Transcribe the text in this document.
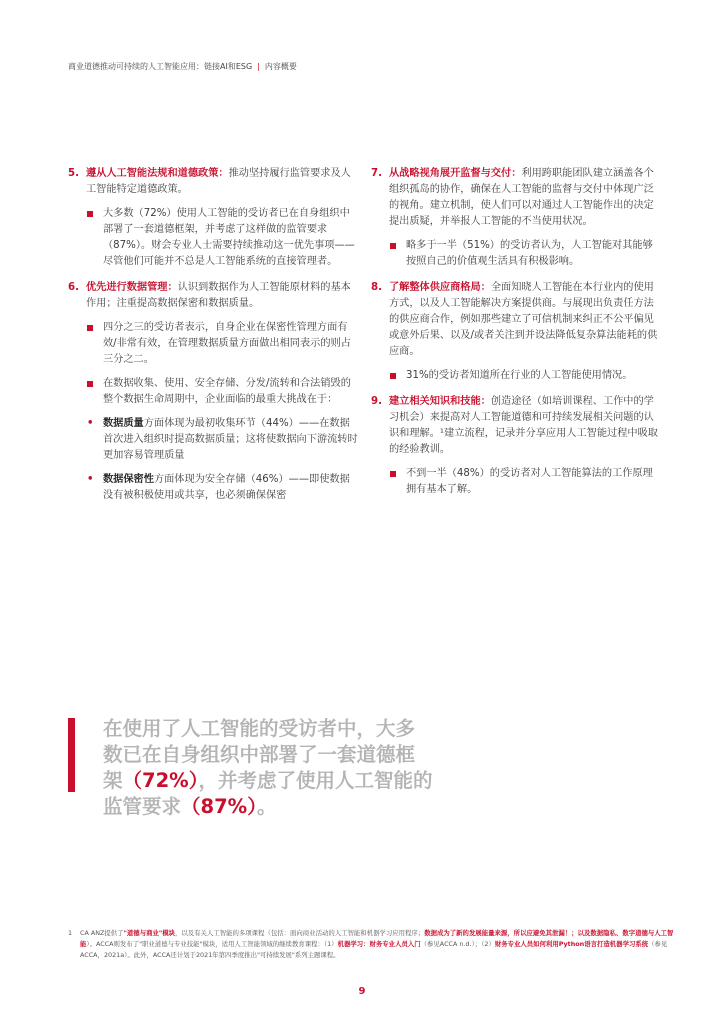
商业道德推动可持续的人工智能应用：链接AI和ESG | 内容概要
5. 遵从人工智能法规和道德政策：推动坚持履行监管要求及人工智能特定道德政策。
大多数（72%）使用人工智能的受访者已在自身组织中部署了一套道德框架，并考虑了这样做的监管要求（87%）。财会专业人士需要持续推动这一优先事项——尽管他们可能并不总是人工智能系统的直接管理者。
6. 优先进行数据管理：认识到数据作为人工智能原材料的基本作用；注重提高数据保密和数据质量。
四分之三的受访者表示，自身企业在保密性管理方面有效/非常有效，在管理数据质量方面做出相同表示的则占三分之二。
在数据收集、使用、安全存储、分发/流转和合法销毁的整个数据生命周期中，企业面临的最重大挑战在于：
• 数据质量方面体现为最初收集环节（44%）——在数据首次进入组织时提高数据质量；这将使数据向下游流转时更加容易管理质量
• 数据保密性方面体现为安全存储（46%）——即使数据没有被积极使用或共享，也必须确保保密
7. 从战略视角展开监督与交付：利用跨职能团队建立涵盖各个组织孤岛的协作，确保在人工智能的监督与交付中体现广泛的视角。建立机制，使人们可以对通过人工智能作出的决定提出质疑，并举报人工智能的不当使用状况。
略多于一半（51%）的受访者认为，人工智能对其能够按照自己的价值观生活具有积极影响。
8. 了解整体供应商格局：全面知晓人工智能在本行业内的使用方式，以及人工智能解决方案提供商。与展现出负责任方法的供应商合作，例如那些建立了可信机制来纠正不公平偏见或意外后果、以及/或者关注到并设法降低复杂算法能耗的供应商。
31%的受访者知道所在行业的人工智能使用情况。
9. 建立相关知识和技能：创造途径（如培训课程、工作中的学习机会）来提高对人工智能道德和可持续发展相关问题的认识和理解。¹建立流程，记录并分享应用人工智能过程中吸取的经验教训。
不到一半（48%）的受访者对人工智能算法的工作原理拥有基本了解。
在使用了人工智能的受访者中，大多数已在自身组织中部署了一套道德框架（72%），并考虑了使用人工智能的监管要求（87%）。
1	CA ANZ提供了"道德与商业"模块，以及有关人工智能的多项课程（包括：面向商业活动的人工智能和机器学习应用程序；数据成为了新的发展能量来源，所以应避免其泄漏！；以及数据隐私、数字道德与人工智能）。ACCA则发布了"职业道德与专业技能"模块，适用人工智能领域的继续教育课程：（1）机器学习：财务专业人员入门（参见ACCA n.d.）；（2）财务专业人员如何利用Python语言打造机器学习系统（参见ACCA，2021a）。此外，ACCA还计划于2021年第四季度推出"可持续发展"系列主题课程。
9
